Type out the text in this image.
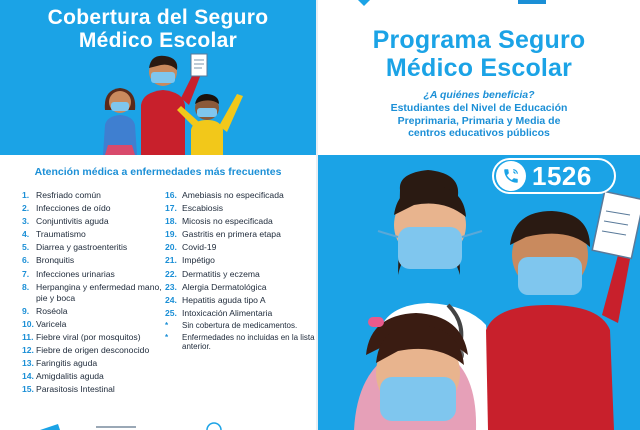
Cobertura del Seguro
Médico Escolar
Atención médica a enfermedades más frecuentes
1. Resfriado común
2. Infecciones de oído
3. Conjuntivitis aguda
4. Traumatismo
5. Diarrea y gastroenteritis
6. Bronquitis
7. Infecciones urinarias
8. Herpangina y enfermedad mano, pie y boca
9. Roséola
10. Varicela
11. Fiebre viral (por mosquitos)
12. Fiebre de origen desconocido
13. Faringitis aguda
14. Amigdalitis aguda
15. Parasitosis Intestinal
16. Amebiasis no especificada
17. Escabiosis
18. Micosis no especificada
19. Gastritis en primera etapa
20. Covid-19
21. Impétigo
22. Dermatitis y eczema
23. Alergia Dermatológica
24. Hepatitis aguda tipo A
25. Intoxicación Alimentaria
*	Sin cobertura de medicamentos.
*	Enfermedades no incluidas en la lista anterior.
Programa Seguro
Médico Escolar
¿A quiénes beneficia?
Estudiantes del Nivel de Educación
Preprimaria, Primaria y Media de
centros educativos públicos
1526
